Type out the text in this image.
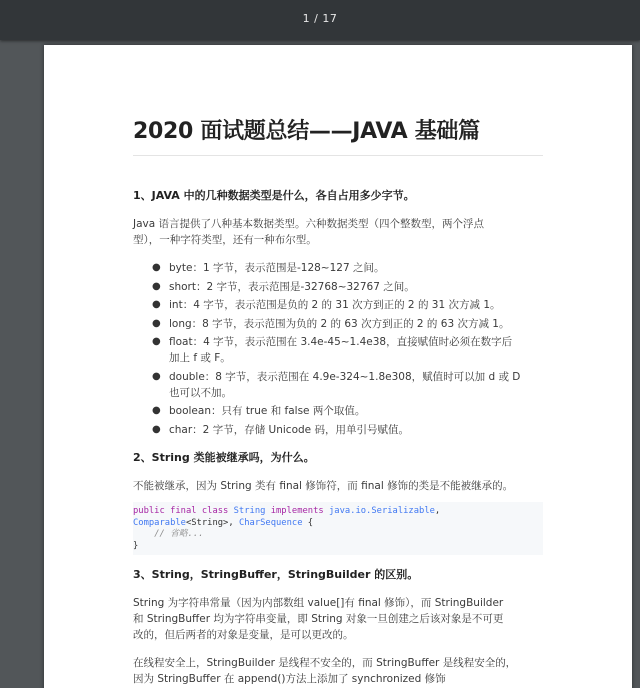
1 / 17
2020 面试题总结——JAVA 基础篇
1、JAVA 中的几种数据类型是什么，各自占用多少字节。

Java 语言提供了八种基本数据类型。六种数据类型（四个整数型，两个浮点
型），一种字符类型，还有一种布尔型。

● byte：1 字节，表示范围是-128~127 之间。
● short：2 字节，表示范围是-32768~32767 之间。
● int：4 字节，表示范围是负的 2 的 31 次方到正的 2 的 31 次方减 1。
● long：8 字节，表示范围为负的 2 的 63 次方到正的 2 的 63 次方减 1。
● float：4 字节，表示范围在 3.4e-45~1.4e38，直接赋值时必须在数字后
加上 f 或 F。
● double：8 字节，表示范围在 4.9e-324~1.8e308，赋值时可以加 d 或 D
也可以不加。
● boolean：只有 true 和 false 两个取值。
● char：2 字节，存储 Unicode 码，用单引号赋值。
2、String 类能被继承吗，为什么。

不能被继承，因为 String 类有 final 修饰符，而 final 修饰的类是不能被继承的。

public final class String implements java.io.Serializable,
Comparable<String>, CharSequence {
// 省略...
}
3、String，StringBuffer，StringBuilder 的区别。

String 为字符串常量（因为内部数组 value[]有 final 修饰），而 StringBuilder
和 StringBuffer 均为字符串变量，即 String 对象一旦创建之后该对象是不可更
改的，但后两者的对象是变量，是可以更改的。

在线程安全上，StringBuilder 是线程不安全的，而 StringBuffer 是线程安全的，
因为 StringBuffer 在 append()方法上添加了 synchronized 修饰
